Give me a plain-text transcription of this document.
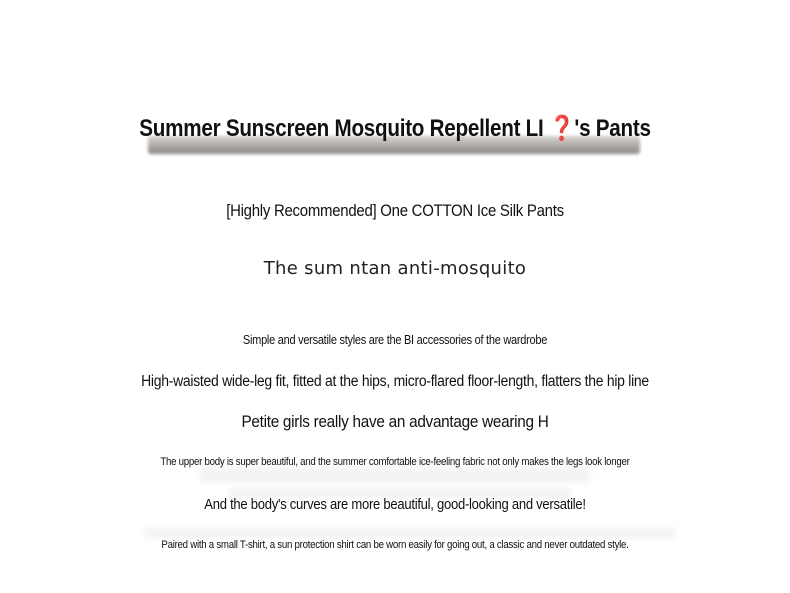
Summer Sunscreen Mosquito Repellent LI ❓'s Pants
[Highly Recommended] One COTTON Ice Silk Pants
The sum ntan anti-mosquito
Simple and versatile styles are the BI accessories of the wardrobe
High-waisted wide-leg fit, fitted at the hips, micro-flared floor-length, flatters the hip line
Petite girls really have an advantage wearing H
The upper body is super beautiful, and the summer comfortable ice-feeling fabric not only makes the legs look longer
And the body's curves are more beautiful, good-looking and versatile!
Paired with a small T-shirt, a sun protection shirt can be worn easily for going out, a classic and never outdated style.
